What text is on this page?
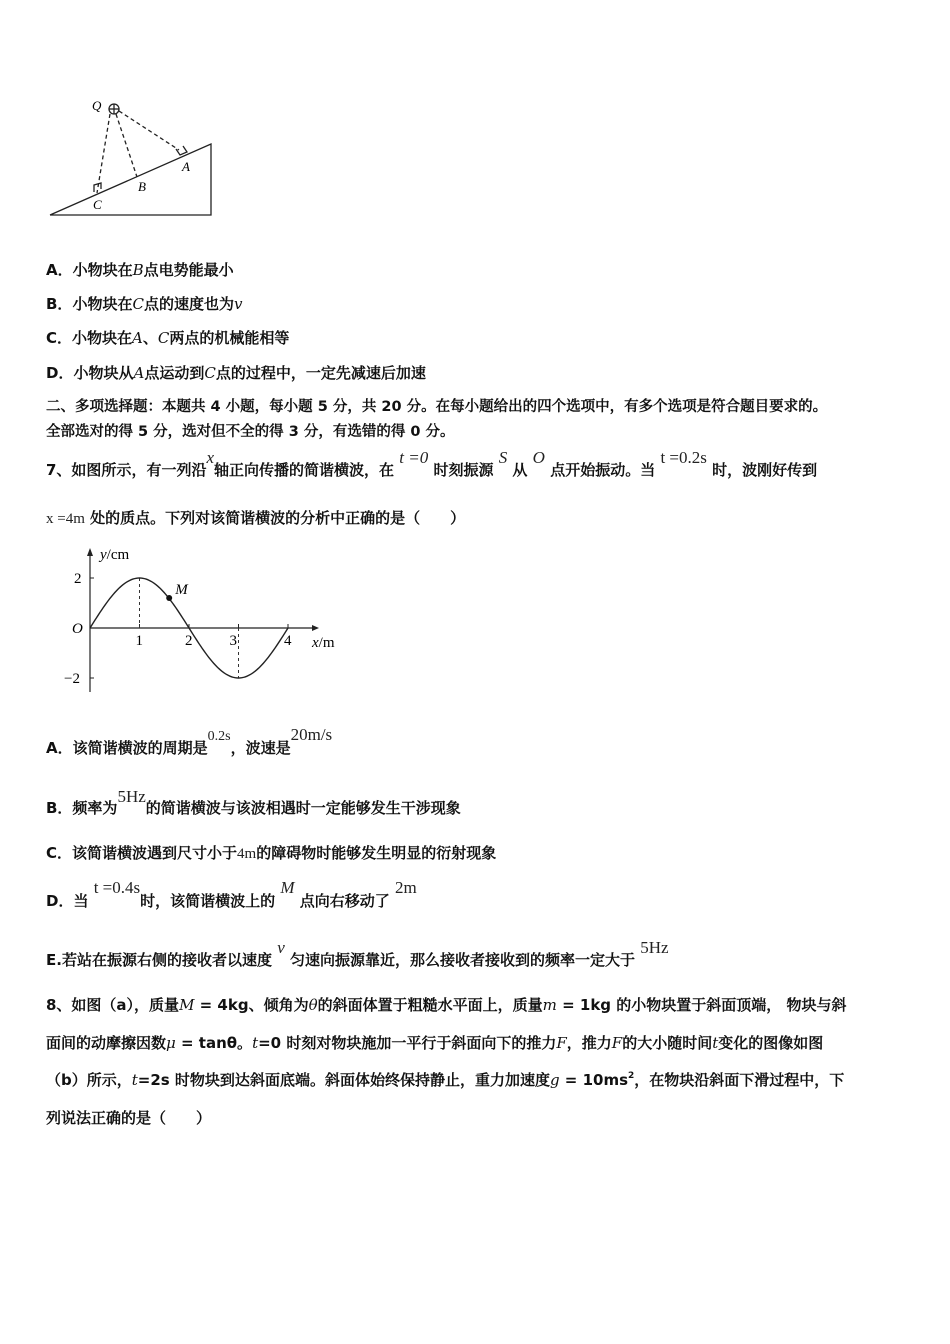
Q
A
B
C
A．小物块在B点电势能最小
B．小物块在C点的速度也为v
C．小物块在A、C两点的机械能相等
D．小物块从A点运动到C点的过程中，一定先减速后加速
二、多项选择题：本题共 4 小题，每小题 5 分，共 20 分。在每小题给出的四个选项中，有多个选项是符合题目要求的。
全部选对的得 5 分，选对但不全的得 3 分，有选错的得 0 分。
7、如图所示，有一列沿x轴正向传播的简谐横波，在 t =0 时刻振源 S 从 O 点开始振动。当 t =0.2s 时，波刚好传到
x =4m 处的质点。下列对该简谐横波的分析中正确的是（　　）
y/cm
x/m
O
1	2 3	4
2
−2
M
A．该简谐横波的周期是0.2s，波速是20m/s
B．频率为5Hz的简谐横波与该波相遇时一定能够发生干涉现象
C．该简谐横波遇到尺寸小于4m的障碍物时能够发生明显的衍射现象
D．当 t =0.4s时，该简谐横波上的 M 点向右移动了 2m
E.若站在振源右侧的接收者以速度 v 匀速向振源靠近，那么接收者接收到的频率一定大于 5Hz
8、如图（a），质量M = 4kg、倾角为θ的斜面体置于粗糙水平面上，质量m = 1kg 的小物块置于斜面顶端， 物块与斜
面间的动摩擦因数μ = tanθ。t=0 时刻对物块施加一平行于斜面向下的推力F，推力F的大小随时间t变化的图像如图
（b）所示，t=2s 时物块到达斜面底端。斜面体始终保持静止，重力加速度$g = 10ms^2$，在物块沿斜面下滑过程中，下
列说法正确的是（　　）
